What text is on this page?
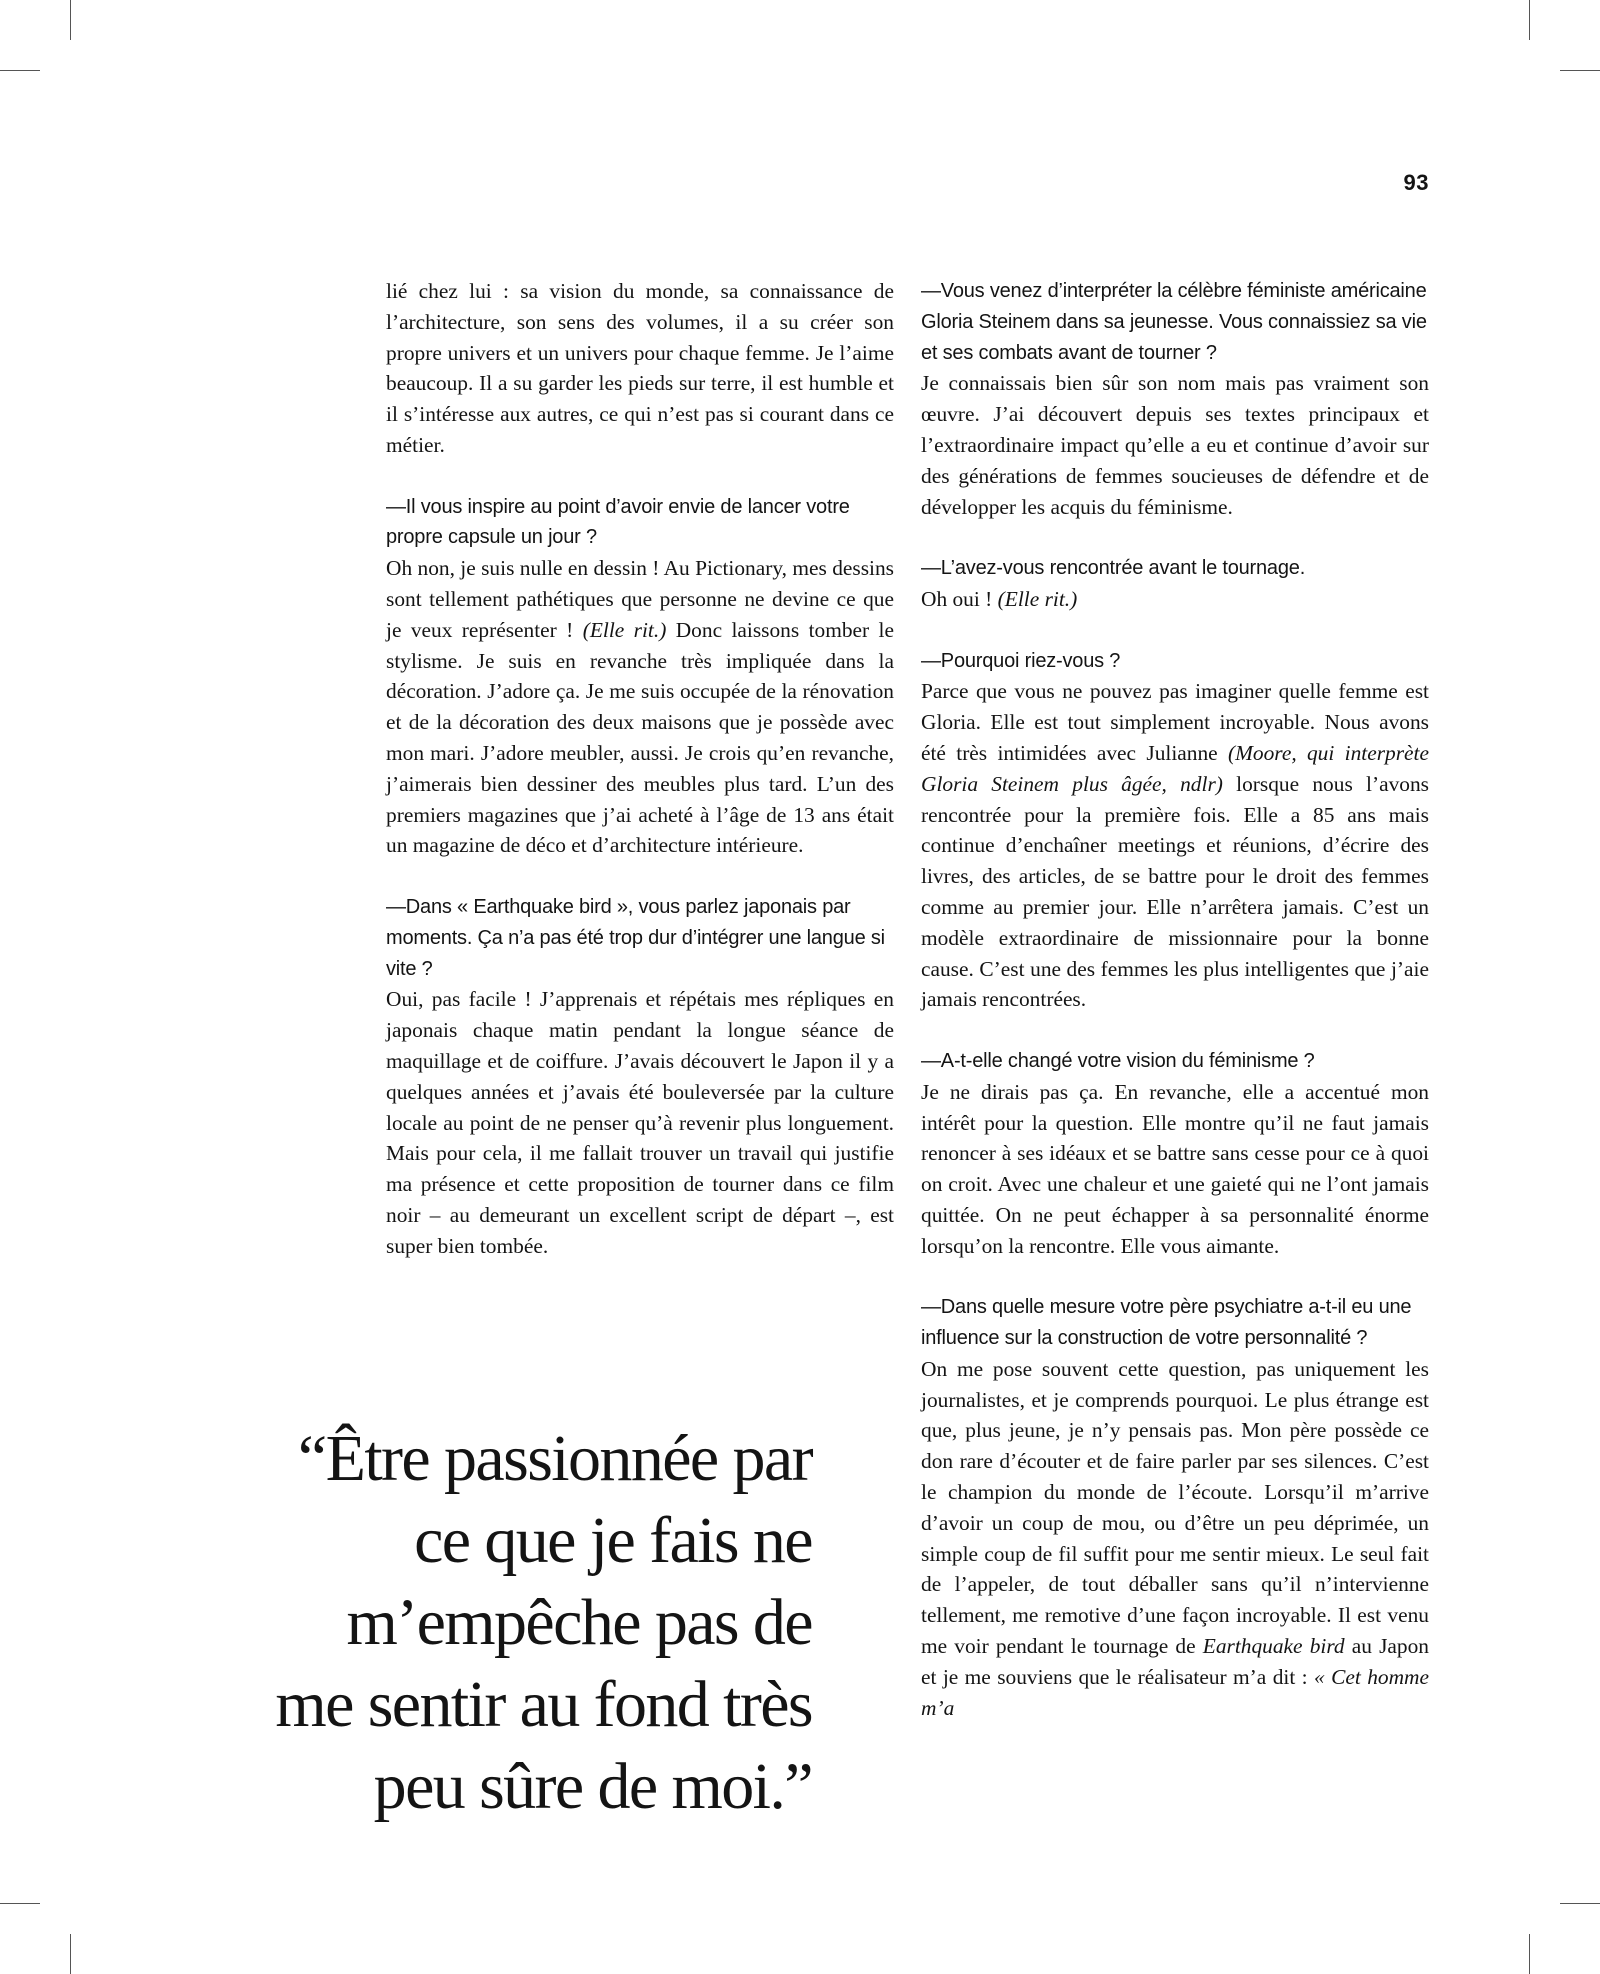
93

lié chez lui : sa vision du monde, sa connaissance de l’architecture, son sens des volumes, il a su créer son propre univers et un univers pour chaque femme. Je l’aime beaucoup. Il a su garder les pieds sur terre, il est humble et il s’intéresse aux autres, ce qui n’est pas si courant dans ce métier.

—Il vous inspire au point d’avoir envie de lancer votre propre capsule un jour ?

Oh non, je suis nulle en dessin ! Au Pictionary, mes dessins sont tellement pathétiques que personne ne devine ce que je veux représenter ! (Elle rit.) Donc laissons tomber le stylisme. Je suis en revanche très impliquée dans la décoration. J’adore ça. Je me suis occupée de la rénovation et de la décoration des deux maisons que je possède avec mon mari. J’adore meubler, aussi. Je crois qu’en revanche, j’aimerais bien dessiner des meubles plus tard. L’un des premiers magazines que j’ai acheté à l’âge de 13 ans était un magazine de déco et d’architecture intérieure.

—Dans « Earthquake bird », vous parlez japonais par moments. Ça n’a pas été trop dur d’intégrer une langue si vite ?

Oui, pas facile ! J’apprenais et répétais mes répliques en japonais chaque matin pendant la longue séance de maquillage et de coiffure. J’avais découvert le Japon il y a quelques années et j’avais été bouleversée par la culture locale au point de ne penser qu’à revenir plus longuement. Mais pour cela, il me fallait trouver un travail qui justifie ma présence et cette proposition de tourner dans ce film noir – au demeurant un excellent script de départ –, est super bien tombée.

—Vous venez d’interpréter la célèbre féministe américaine Gloria Steinem dans sa jeunesse. Vous connaissiez sa vie et ses combats avant de tourner ?

Je connaissais bien sûr son nom mais pas vraiment son œuvre. J’ai découvert depuis ses textes principaux et l’extraordinaire impact qu’elle a eu et continue d’avoir sur des générations de femmes soucieuses de défendre et de développer les acquis du féminisme.

—L’avez-vous rencontrée avant le tournage.

Oh oui ! (Elle rit.)

—Pourquoi riez-vous ?

Parce que vous ne pouvez pas imaginer quelle femme est Gloria. Elle est tout simplement incroyable. Nous avons été très intimidées avec Julianne (Moore, qui interprète Gloria Steinem plus âgée, ndlr) lorsque nous l’avons rencontrée pour la première fois. Elle a 85 ans mais continue d’enchaîner meetings et réunions, d’écrire des livres, des articles, de se battre pour le droit des femmes comme au premier jour. Elle n’arrêtera jamais. C’est un modèle extraordinaire de missionnaire pour la bonne cause. C’est une des femmes les plus intelligentes que j’aie jamais rencontrées.

—A-t-elle changé votre vision du féminisme ?

Je ne dirais pas ça. En revanche, elle a accentué mon intérêt pour la question. Elle montre qu’il ne faut jamais renoncer à ses idéaux et se battre sans cesse pour ce à quoi on croit. Avec une chaleur et une gaieté qui ne l’ont jamais quittée. On ne peut échapper à sa personnalité énorme lorsqu’on la rencontre. Elle vous aimante.

—Dans quelle mesure votre père psychiatre a-t-il eu une influence sur la construction de votre personnalité ?

On me pose souvent cette question, pas uniquement les journalistes, et je comprends pourquoi. Le plus étrange est que, plus jeune, je n’y pensais pas. Mon père possède ce don rare d’écouter et de faire parler par ses silences. C’est le champion du monde de l’écoute. Lorsqu’il m’arrive d’avoir un coup de mou, ou d’être un peu déprimée, un simple coup de fil suffit pour me sentir mieux. Le seul fait de l’appeler, de tout déballer sans qu’il n’intervienne tellement, me remotive d’une façon incroyable. Il est venu me voir pendant le tournage de Earthquake bird au Japon et je me souviens que le réalisateur m’a dit : « Cet homme m’a

“Être passionnée par
ce que je fais ne
m’empêche pas de
me sentir au fond très
peu sûre de moi.”
